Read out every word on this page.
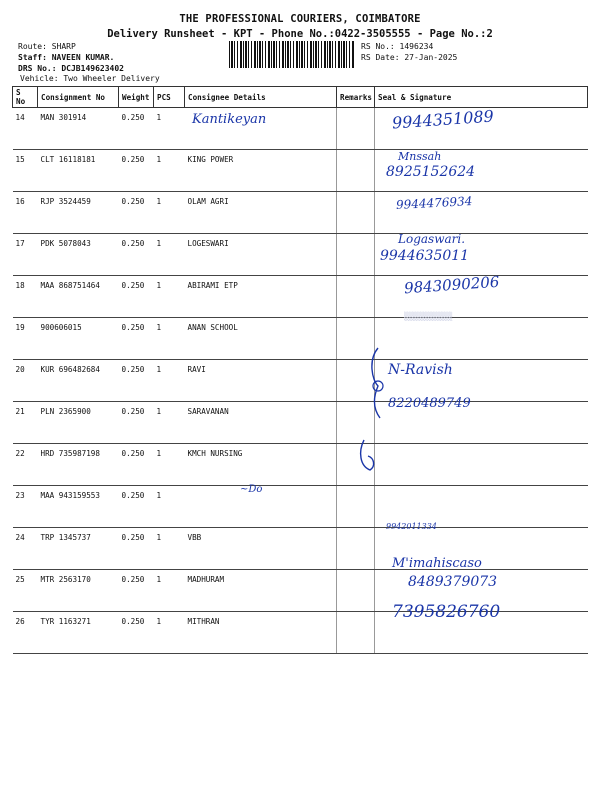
THE PROFESSIONAL COURIERS, COIMBATORE
Delivery Runsheet - KPT - Phone No.:0422-3505555 - Page No.:2
Route: SHARP
Staff: NAVEEN KUMAR.
DRS No.: DCJB149623402
Vehicle: Two Wheeler Delivery
RS No.: 1496234
RS Date: 27-Jan-2025
S No	Consignment No	Weight	PCS	Consignee Details	Remarks	Seal & Signature
14	MAN 301914	0.250	1			
15	CLT 16118181	0.250	1	KING POWER		
16	RJP 3524459	0.250	1	OLAM AGRI		
17	PDK 5078043	0.250	1	LOGESWARI		
18	MAA 868751464	0.250	1	ABIRAMI ETP		
19	900606015	0.250	1	ANAN SCHOOL		
20	KUR 696482684	0.250	1	RAVI		
21	PLN 2365900	0.250	1	SARAVANAN		
22	HRD 735987198	0.250	1	KMCH NURSING		
23	MAA 943159553	0.250	1			
24	TRP 1345737	0.250	1	VBB		
25	MTR 2563170	0.250	1	MADHURAM		
26	TYR 1163271	0.250	1	MITHRAN		
Kantikeyan	9944351089
Mnssah
8925152624
9944476934
Logaswari.
9944635011
9843090206
▒▒▒▒▒▒▒▒▒▒
N-Ravish
8220489749
~Do
9942011334
M'imahiscaso
8489379073
7395826760
